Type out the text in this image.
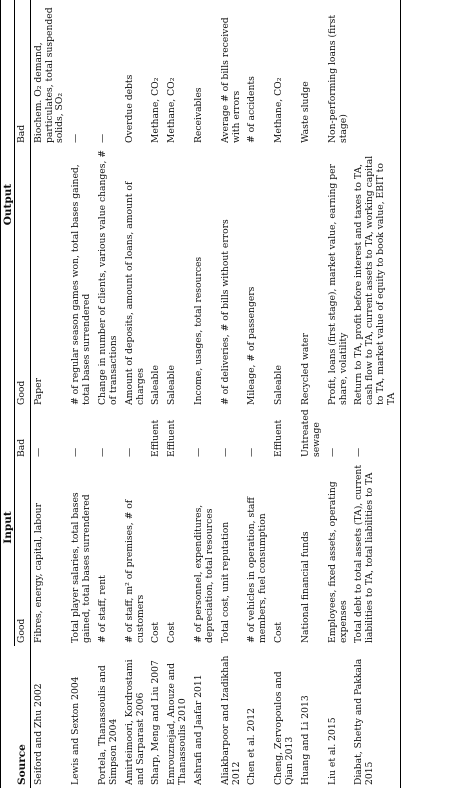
Source	Input		Output	
	Good	Bad	Good	Bad
Seiford and Zhu 2002	Fibres, energy, capital, labour	—	Paper	Biochem. O₂ demand, particulates, total suspended solids, SO₂
Lewis and Sexton 2004	Total player salaries, total bases gained, total bases surrendered	—	# of regular season games won, total bases gained, total bases surrendered	—
Portela, Thanassoulis and Simpson 2004	# of staff, rent	—	Change in number of clients, various value changes, # of transactions	—
Amirteimoori, Kordrostami and Sarparast 2006	# of staff, m² of premises, # of customers	—	Amount of deposits, amount of loans, amount of charges	Overdue debts
Sharp, Meng and Liu 2007	Cost	Effluent	Saleable	Methane, CO₂
Emrouznejad, Anouze and Thanassoulis 2010	Cost	Effluent	Saleable	Methane, CO₂
Ashrafi and Jaafar 2011	# of personnel, expenditures, depreciation, total resources	—	Income, usages, total resources	Receivables
Aliakbarpoor and Izadikhah 2012	Total cost, unit reputation	—	# of deliveries, # of bills without errors	Average # of bills received with errors
Chen et al. 2012	# of vehicles in operation, staff members, fuel consumption	—	Mileage, # of passengers	# of accidents
Cheng, Zervopoulos and Qian 2013	Cost	Effluent	Saleable	Methane, CO₂
Huang and Li 2013	National financial funds	Untreated sewage	Recycled water	Waste sludge
Liu et al. 2015	Employees, fixed assets, operating expenses	—	Profit, loans (first stage), market value, earning per share, volatility	Non-performing loans (first stage)
Diabat, Shetty and Pakkala 2015	Total debt to total assets (TA), current liabilities to TA, total liabilities to TA	—	Return to TA, profit before interest and taxes to TA, cash flow to TA, current assets to TA, working capital to TA, market value of equity to book value, EBIT to TA	
